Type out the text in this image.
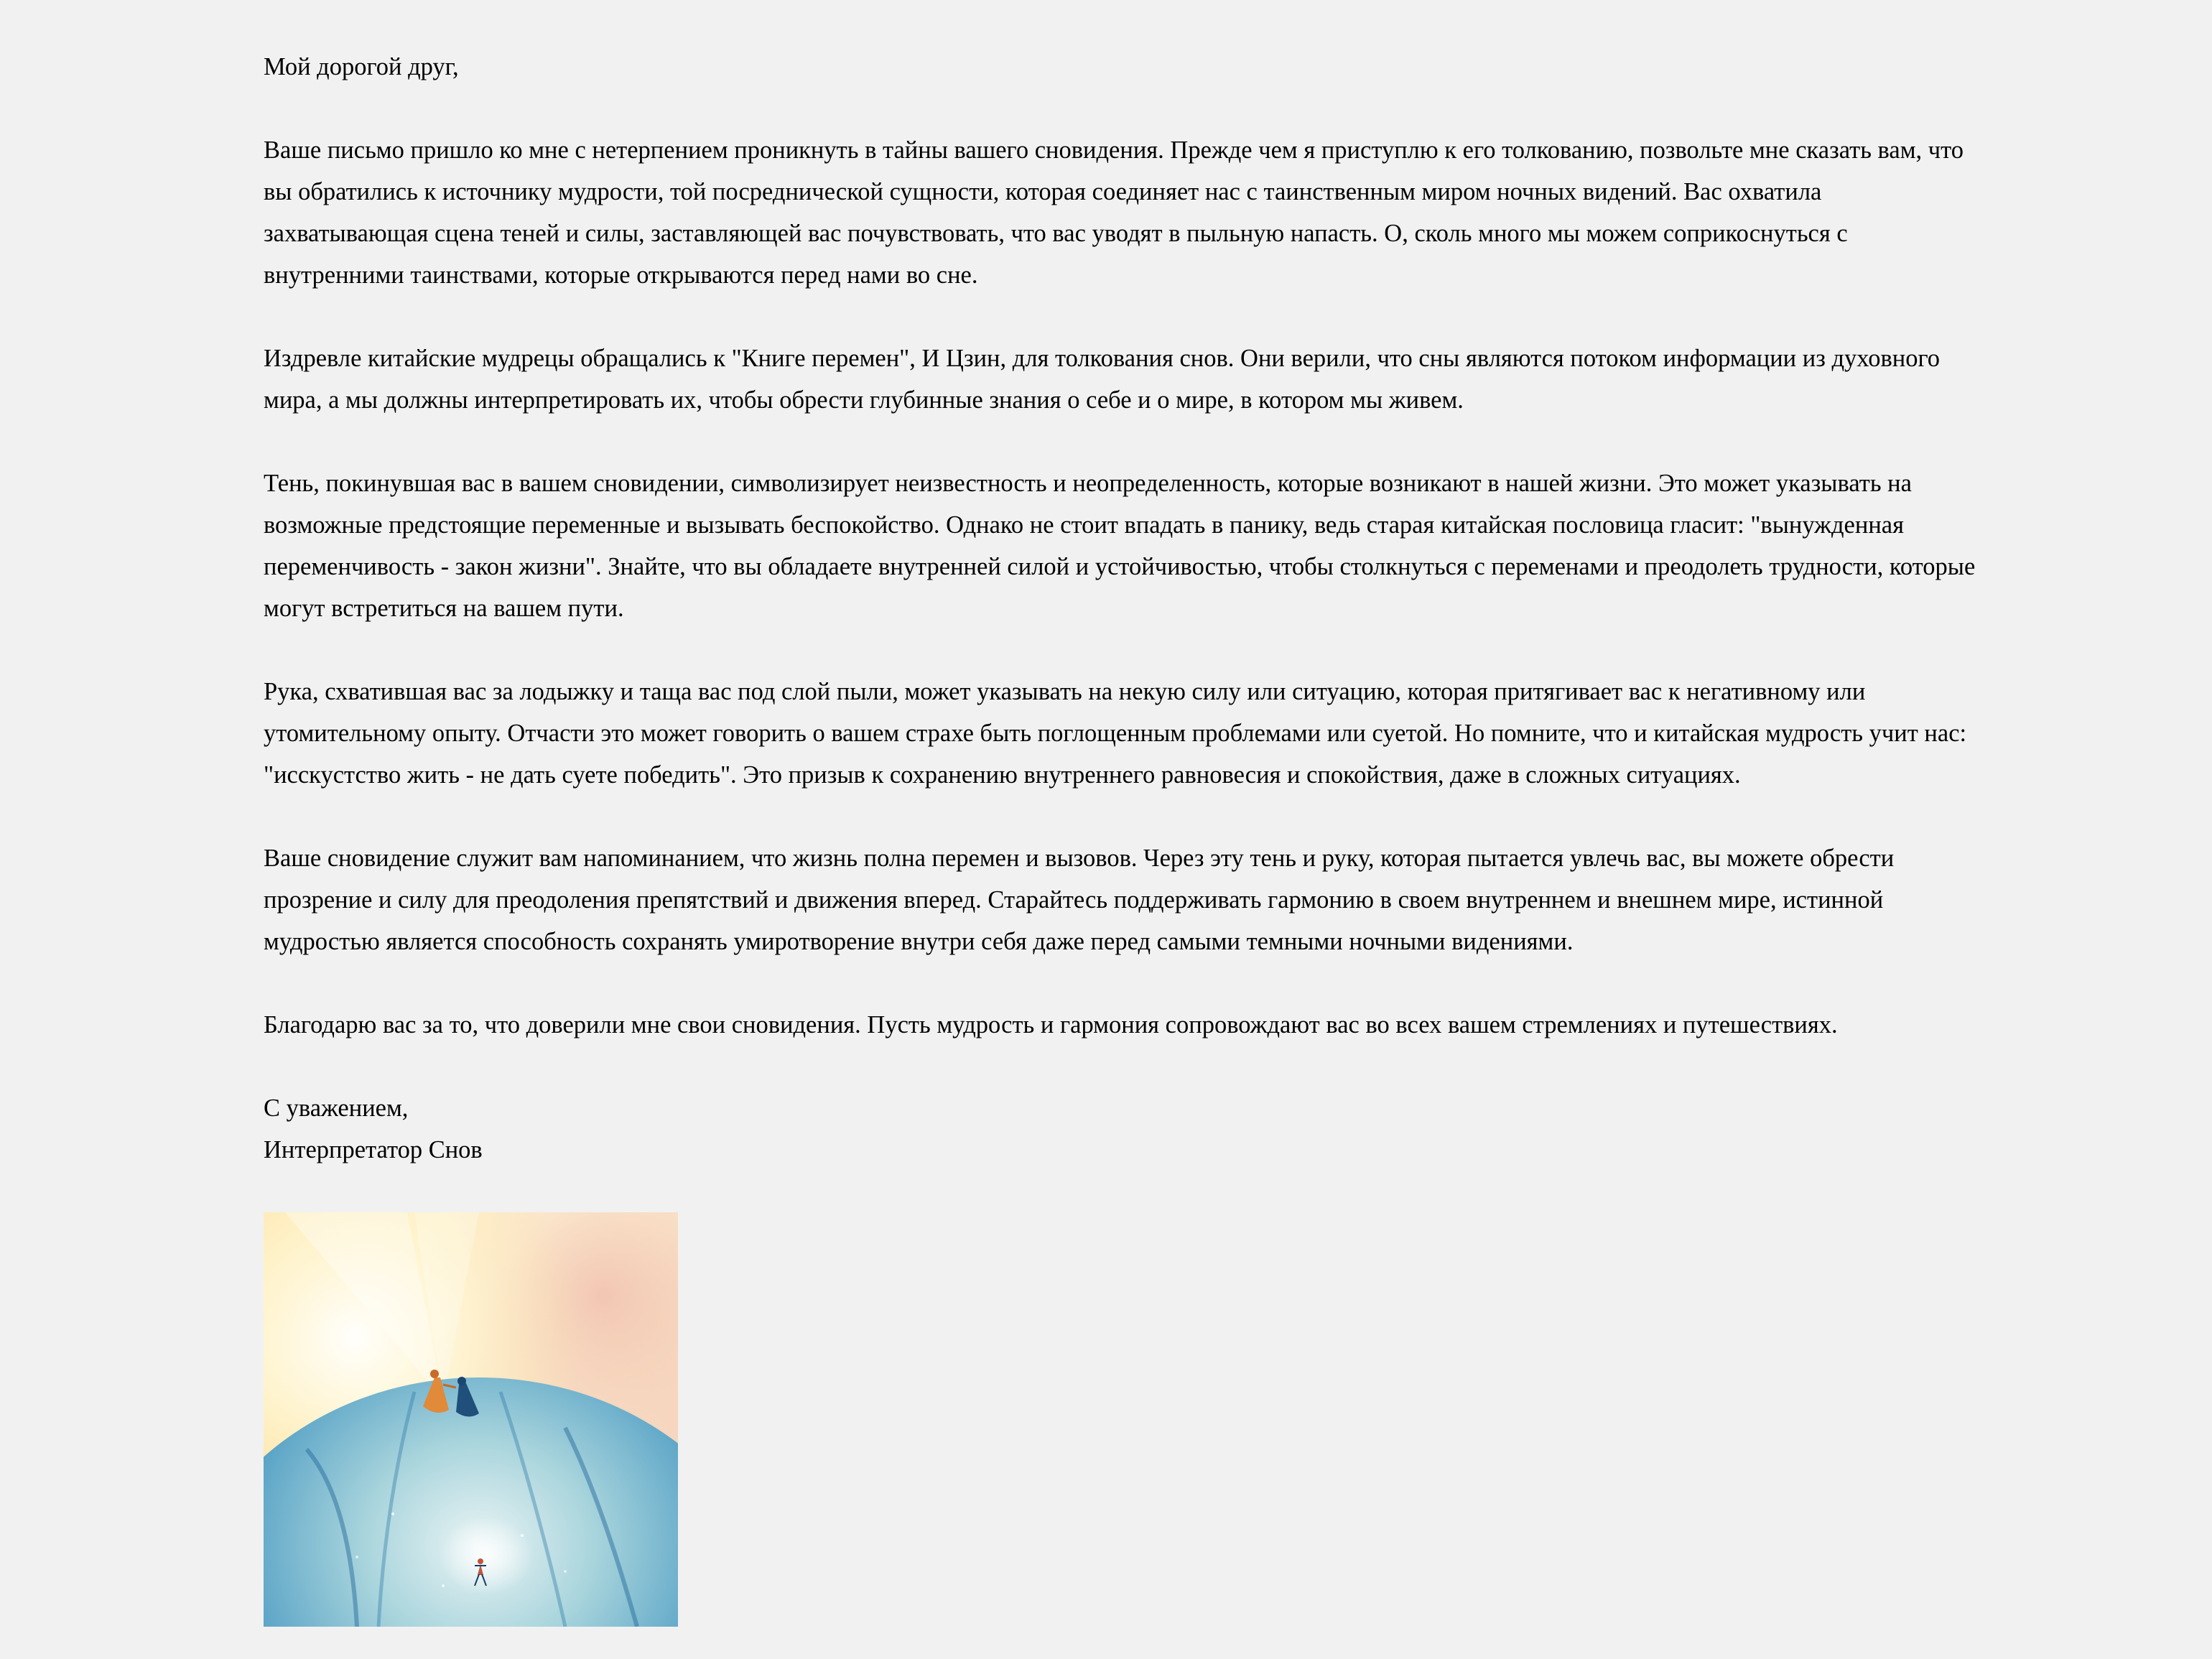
Мой дорогой друг,

Ваше письмо пришло ко мне с нетерпением проникнуть в тайны вашего сновидения. Прежде чем я приступлю к его толкованию, позвольте мне сказать вам, что вы обратились к источнику мудрости, той посреднической сущности, которая соединяет нас с таинственным миром ночных видений. Вас охватила захватывающая сцена теней и силы, заставляющей вас почувствовать, что вас уводят в пыльную напасть. О, сколь много мы можем соприкоснуться с внутренними таинствами, которые открываются перед нами во сне.

Издревле китайские мудрецы обращались к "Книге перемен", И Цзин, для толкования снов. Они верили, что сны являются потоком информации из духовного мира, а мы должны интерпретировать их, чтобы обрести глубинные знания о себе и о мире, в котором мы живем.

Тень, покинувшая вас в вашем сновидении, символизирует неизвестность и неопределенность, которые возникают в нашей жизни. Это может указывать на возможные предстоящие переменные и вызывать беспокойство. Однако не стоит впадать в панику, ведь старая китайская пословица гласит: "вынужденная переменчивость - закон жизни". Знайте, что вы обладаете внутренней силой и устойчивостью, чтобы столкнуться с переменами и преодолеть трудности, которые могут встретиться на вашем пути.

Рука, схватившая вас за лодыжку и таща вас под слой пыли, может указывать на некую силу или ситуацию, которая притягивает вас к негативному или утомительному опыту. Отчасти это может говорить о вашем страхе быть поглощенным проблемами или суетой. Но помните, что и китайская мудрость учит нас: "исскустство жить - не дать суете победить". Это призыв к сохранению внутреннего равновесия и спокойствия, даже в сложных ситуациях.

Ваше сновидение служит вам напоминанием, что жизнь полна перемен и вызовов. Через эту тень и руку, которая пытается увлечь вас, вы можете обрести прозрение и силу для преодоления препятствий и движения вперед. Старайтесь поддерживать гармонию в своем внутреннем и внешнем мире, истинной мудростью является способность сохранять умиротворение внутри себя даже перед самыми темными ночными видениями.

Благодарю вас за то, что доверили мне свои сновидения. Пусть мудрость и гармония сопровождают вас во всех вашем стремлениях и путешествиях.

С уважением,
Интерпретатор Снов
